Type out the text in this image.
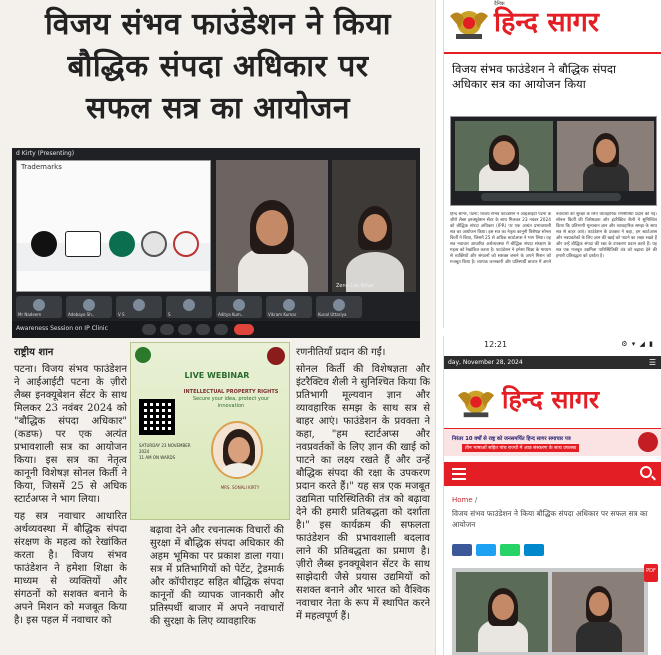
विजय संभव फाउंडेशन ने किया
बौद्धिक संपदा अधिकार पर
सफल सत्र का आयोजन
d Kirty (Presenting)
Trademarks
Zeno Lab Bihar
Mr Nadeem	Adebayo Sh..	V S	S	Aditya Kum..	Vikram Kumar	Kunal Uttariya
Awareness Session on IP Clinic

राष्ट्रीय शान

पटना। विजय संभव फाउंडेशन ने आईआईटी पटना के ज़ीरो लैब्स इनक्यूबेशन सेंटर के साथ मिलकर 23 नवंबर 2024 को "बौद्धिक संपदा अधिकार" (कडफ) पर एक अत्यंत प्रभावशाली सत्र का आयोजन किया। इस सत्र का नेतृत्व कानूनी विशेषज्ञ सोनल किर्ती ने किया, जिसमें 25 से अधिक स्टार्टअप्स ने भाग लिया।

यह सत्र नवाचार आधारित अर्थव्यवस्था में बौद्धिक संपदा संरक्षण के महत्व को रेखांकित करता है। विजय संभव फाउंडेशन ने हमेशा शिक्षा के माध्यम से व्यक्तियों और संगठनों को सशक्त बनाने के अपने मिशन को मजबूत किया है। इस पहल में नवाचार को

LIVE WEBINAR
INTELLECTUAL PROPERTY RIGHTS
Secure your idea, protect your innovation
SATURDAY 23 NOVEMBER 2024
11 AM ON WARDS
MRS. SONALI KIRTY

बढ़ावा देने और रचनात्मक विचारों की सुरक्षा में बौद्धिक संपदा अधिकार की अहम भूमिका पर प्रकाश डाला गया। सत्र में प्रतिभागियों को पेटेंट, ट्रेडमार्क और कॉपीराइट सहित बौद्धिक संपदा कानूनों की व्यापक जानकारी और प्रतिस्पर्धी बाजार में अपने नवाचारों की सुरक्षा के लिए व्यावहारिक

रणनीतियाँ प्रदान की गईं।

सोनल किर्ती की विशेषज्ञता और इंटरैक्टिव शैली ने सुनिश्चित किया कि प्रतिभागी मूल्यवान ज्ञान और व्यावहारिक समझ के साथ सत्र से बाहर आएं। फाउंडेशन के प्रवक्ता ने कहा, "हम स्टार्टअप्स और नवप्रवर्तकों के लिए ज्ञान की खाई को पाटने का लक्ष्य रखते हैं और उन्हें बौद्धिक संपदा की रक्षा के उपकरण प्रदान करते हैं।" यह सत्र एक मजबूत उद्यमिता पारिस्थितिकी तंत्र को बढ़ावा देने की हमारी प्रतिबद्धता को दर्शाता है।" इस कार्यक्रम की सफलता फाउंडेशन की प्रभावशाली बदलाव लाने की प्रतिबद्धता का प्रमाण है। ज़ीरो लैब्स इनक्यूबेशन सेंटर के साथ साझेदारी जैसे प्रयास उद्यमियों को सशक्त बनाने और भारत को वैश्विक नवाचार नेता के रूप में स्थापित करने में महत्वपूर्ण हैं।

दैनिक
हिन्द सागर
विजय संभव फाउंडेशन ने बौद्धिक संपदा अधिकार सत्र का आयोजन किया
हिन्द सागर, पटना: विजय संभव फाउंडेशन ने आईआईटी पटना के ज़ीरो लैब्स इनक्यूबेशन सेंटर के साथ मिलकर 23 नवंबर 2024 को बौद्धिक संपदा अधिकार (IPR) पर एक अत्यंत प्रभावशाली सत्र का आयोजन किया। इस सत्र का नेतृत्व कानूनी विशेषज्ञ सोनल किर्ती ने किया, जिसमें 25 से अधिक स्टार्टअप्स ने भाग लिया। यह सत्र नवाचार आधारित अर्थव्यवस्था में बौद्धिक संपदा संरक्षण के महत्व को रेखांकित करता है। फाउंडेशन ने हमेशा शिक्षा के माध्यम से व्यक्तियों और संगठनों को सशक्त बनाने के अपने मिशन को मजबूत किया है। व्यापक जानकारी और प्रतिस्पर्धी बाजार में अपने नवाचारों की सुरक्षा के लिए व्यावहारिक रणनीतियाँ प्रदान की गईं। सोनल किर्ती की विशेषज्ञता और इंटरैक्टिव शैली ने सुनिश्चित किया कि प्रतिभागी मूल्यवान ज्ञान और व्यावहारिक समझ के साथ सत्र से बाहर आएं। फाउंडेशन के प्रवक्ता ने कहा, हम स्टार्टअप्स और नवप्रवर्तकों के लिए ज्ञान की खाई को पाटने का लक्ष्य रखते हैं और उन्हें बौद्धिक संपदा की रक्षा के उपकरण प्रदान करते हैं। यह सत्र एक मजबूत उद्यमिता पारिस्थितिकी तंत्र को बढ़ावा देने की हमारी प्रतिबद्धता को दर्शाता है।
12:21	⚙ ▾ ◢ ▮
day, November 28, 2024	☰
हिन्द सागर
निरंतर 10 वर्षों से राष्ट्र को जनसमर्पित हिन्द सागर समाचार पत्र
तीन भाषाओं सहित पांच राज्यों में आठ संस्करण के साथ उपलब्ध
Home /
विजय संभव फाउंडेशन ने किया बौद्धिक संपदा अधिकार पर सफल सत्र का आयोजन
PDF
